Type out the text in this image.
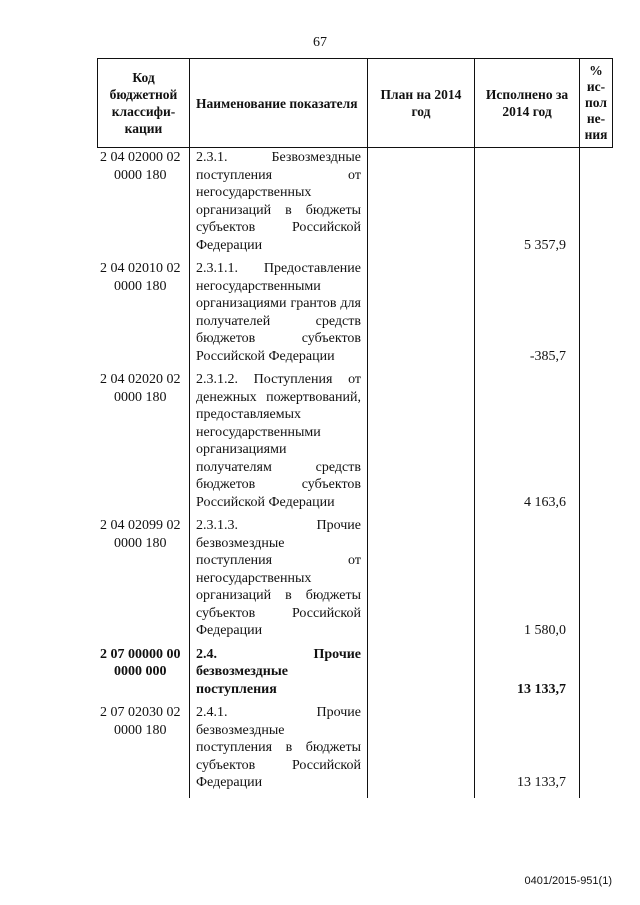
67
Код бюджетной классифи-кации	Наименование показателя	План на 2014 год	Исполнено за 2014 год	% ис-пол не-ния
2 04 02000 02 0000 180	2.3.1. Безвозмездные поступления от негосударственных организаций в бюджеты субъектов Российской Федерации		5 357,9	
2 04 02010 02 0000 180	2.3.1.1. Предоставление негосударственными организациями грантов для получателей средств бюджетов субъектов Российской Федерации		-385,7	
2 04 02020 02 0000 180	2.3.1.2. Поступления от денежных пожертвований, предоставляемых негосударственными организациями получателям средств бюджетов субъектов Российской Федерации		4 163,6	
2 04 02099 02 0000 180	2.3.1.3. Прочие безвозмездные поступления от негосударственных организаций в бюджеты субъектов Российской Федерации		1 580,0	
2 07 00000 00 0000 000	2.4. Прочие безвозмездные поступления		13 133,7	
2 07 02030 02 0000 180	2.4.1. Прочие безвозмездные поступления в бюджеты субъектов Российской Федерации		13 133,7	
0401/2015-951(1)
